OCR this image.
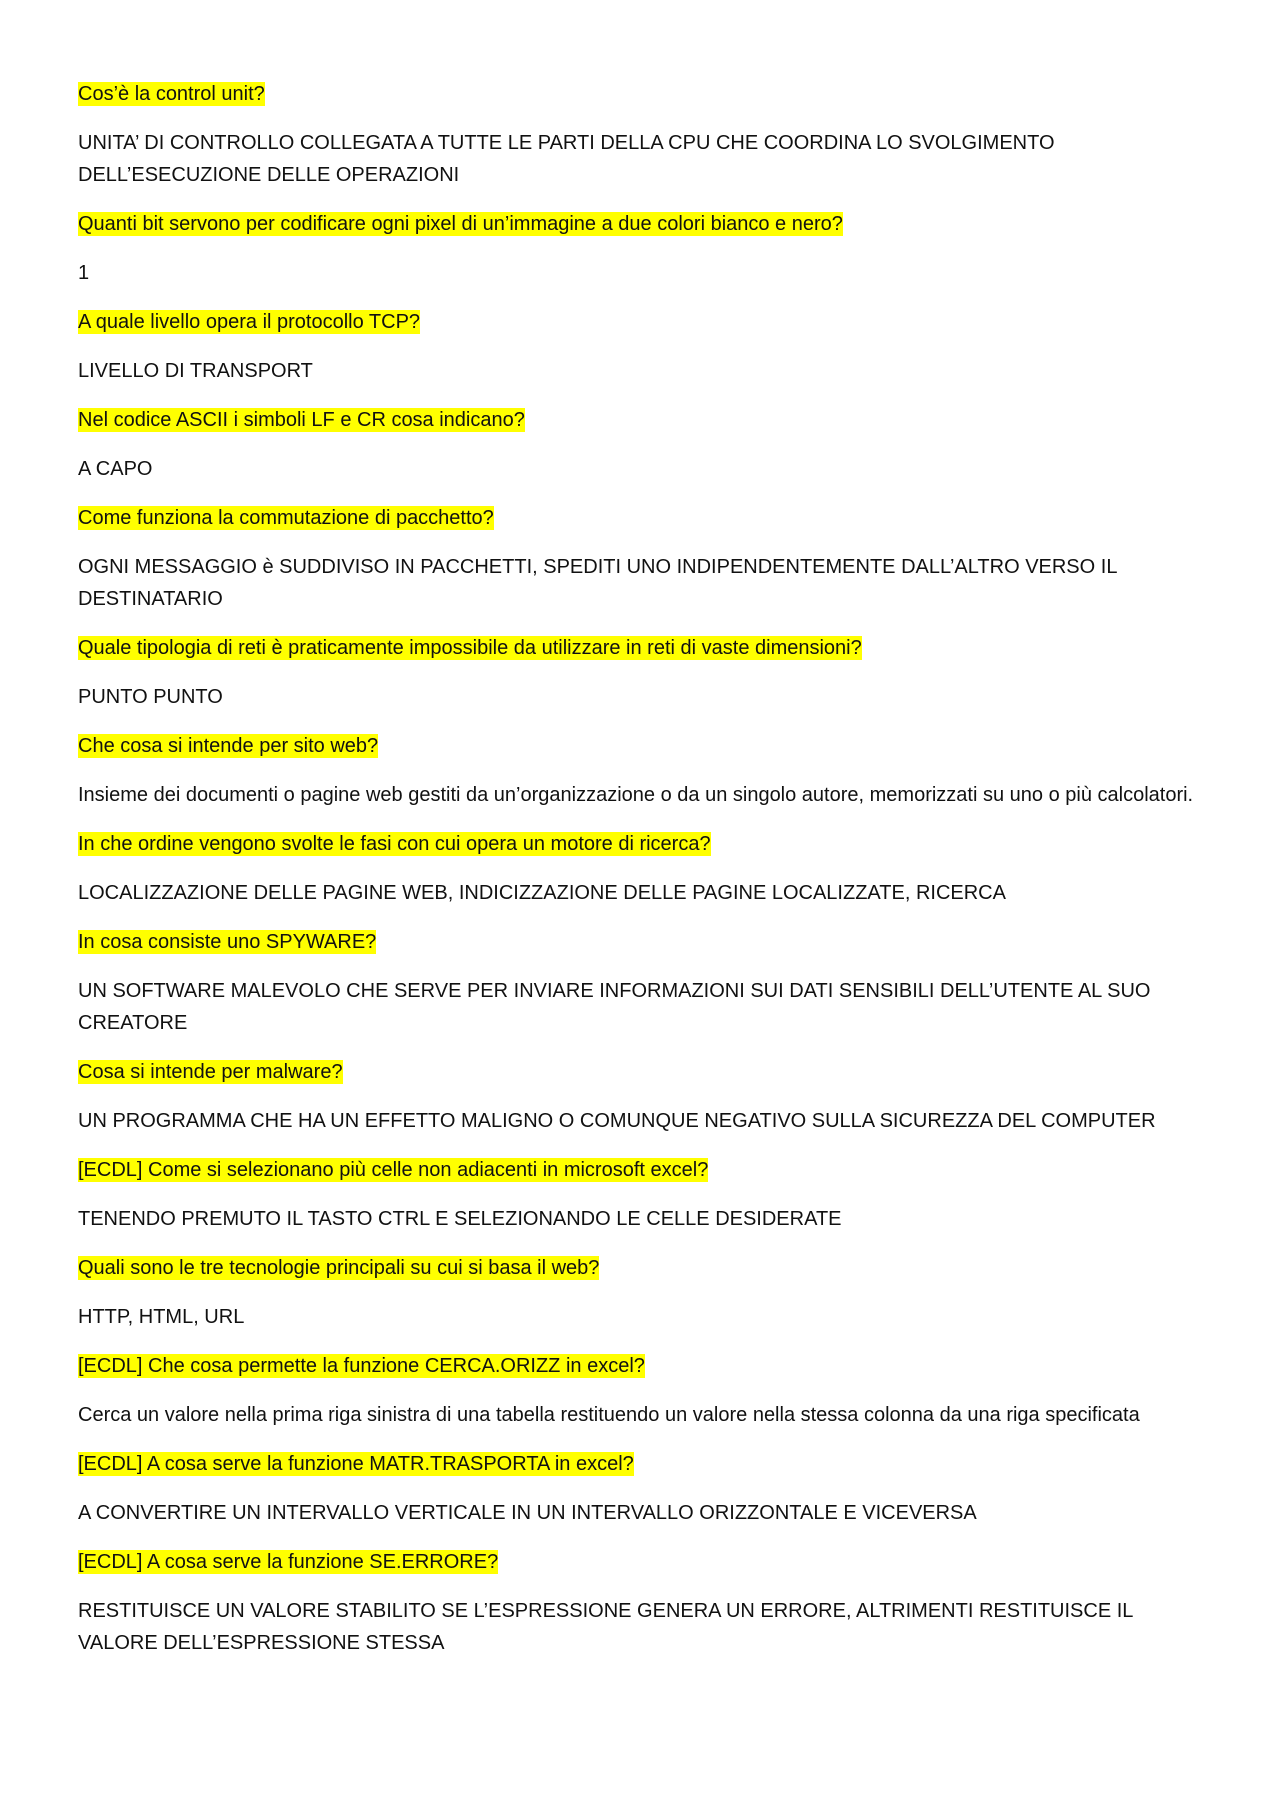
Cos’è la control unit?
UNITA’ DI CONTROLLO COLLEGATA A TUTTE LE PARTI DELLA CPU CHE COORDINA LO SVOLGIMENTO DELL’ESECUZIONE DELLE OPERAZIONI
Quanti bit servono per codificare ogni pixel di un’immagine a due colori bianco e nero?
1
A quale livello opera il protocollo TCP?
LIVELLO DI TRANSPORT
Nel codice ASCII i simboli LF e CR cosa indicano?
A CAPO
Come funziona la commutazione di pacchetto?
OGNI MESSAGGIO è SUDDIVISO IN PACCHETTI, SPEDITI UNO INDIPENDENTEMENTE DALL’ALTRO VERSO IL DESTINATARIO
Quale tipologia di reti è praticamente impossibile da utilizzare in reti di vaste dimensioni?
PUNTO PUNTO
Che cosa si intende per sito web?
Insieme dei documenti o pagine web gestiti da un’organizzazione o da un singolo autore, memorizzati su uno o più calcolatori.
In che ordine vengono svolte le fasi con cui opera un motore di ricerca?
LOCALIZZAZIONE DELLE PAGINE WEB, INDICIZZAZIONE DELLE PAGINE LOCALIZZATE, RICERCA
In cosa consiste uno SPYWARE?
UN SOFTWARE MALEVOLO CHE SERVE PER INVIARE INFORMAZIONI SUI DATI SENSIBILI DELL’UTENTE AL SUO CREATORE
Cosa si intende per malware?
UN PROGRAMMA CHE HA UN EFFETTO MALIGNO O COMUNQUE NEGATIVO SULLA SICUREZZA DEL COMPUTER
[ECDL] Come si selezionano più celle non adiacenti in microsoft excel?
TENENDO PREMUTO IL TASTO CTRL E SELEZIONANDO LE CELLE DESIDERATE
Quali sono le tre tecnologie principali su cui si basa il web?
HTTP, HTML, URL
[ECDL] Che cosa permette la funzione CERCA.ORIZZ in excel?
Cerca un valore nella prima riga sinistra di una tabella restituendo un valore nella stessa colonna da una riga specificata
[ECDL] A cosa serve la funzione MATR.TRASPORTA in excel?
A CONVERTIRE UN INTERVALLO VERTICALE IN UN INTERVALLO ORIZZONTALE E VICEVERSA
[ECDL] A cosa serve la funzione SE.ERRORE?
RESTITUISCE UN VALORE STABILITO SE L’ESPRESSIONE GENERA UN ERRORE, ALTRIMENTI RESTITUISCE IL VALORE DELL’ESPRESSIONE STESSA
